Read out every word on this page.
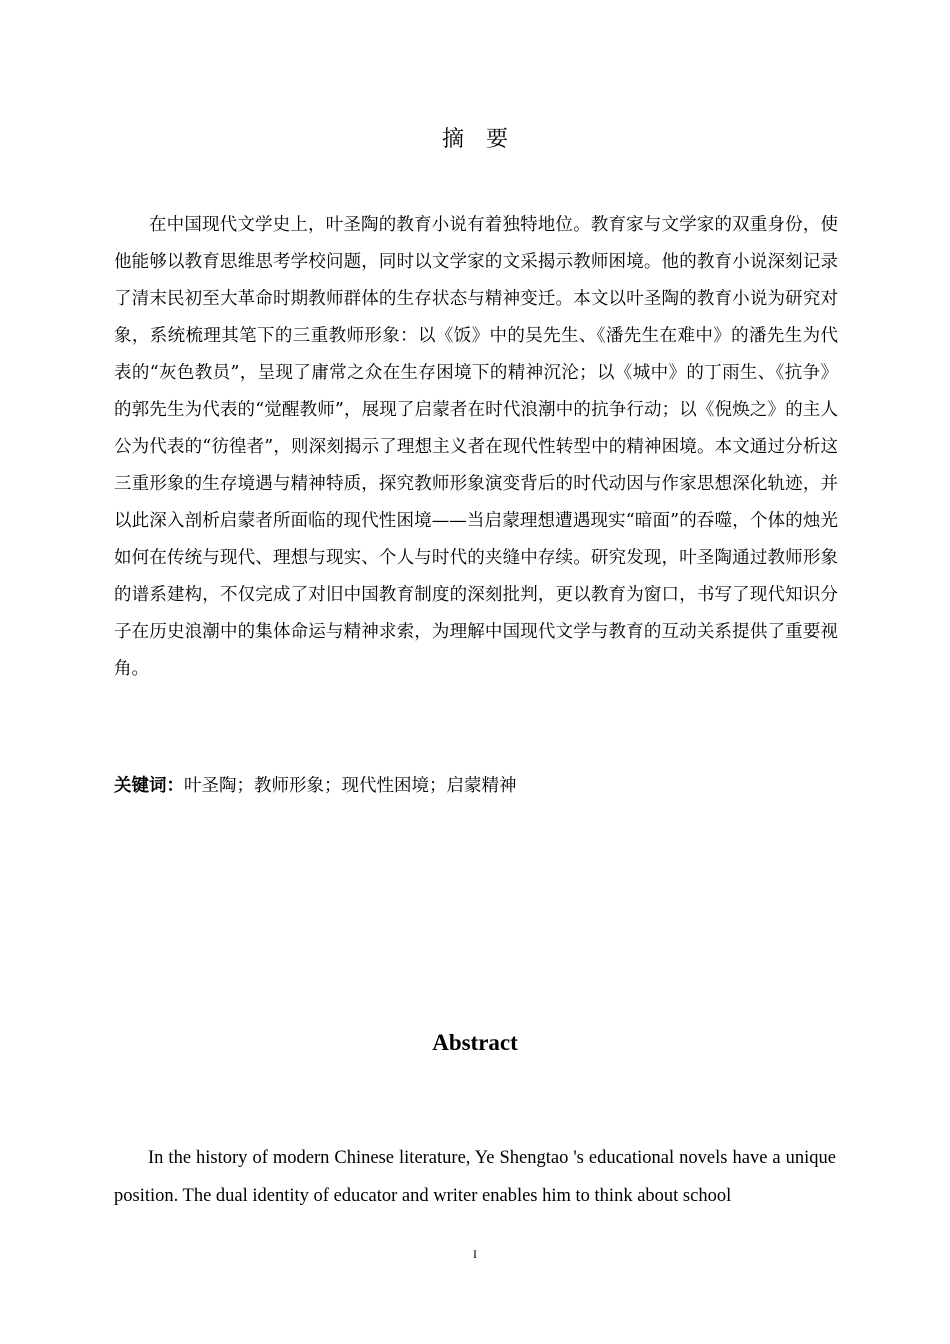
摘　要

在中国现代文学史上，叶圣陶的教育小说有着独特地位。教育家与文学家的双重身份，使他能够以教育思维思考学校问题，同时以文学家的文采揭示教师困境。他的教育小说深刻记录了清末民初至大革命时期教师群体的生存状态与精神变迁。本文以叶圣陶的教育小说为研究对象，系统梳理其笔下的三重教师形象：以《饭》中的吴先生、《潘先生在难中》的潘先生为代表的“灰色教员”，呈现了庸常之众在生存困境下的精神沉沦；以《城中》的丁雨生、《抗争》的郭先生为代表的“觉醒教师”，展现了启蒙者在时代浪潮中的抗争行动；以《倪焕之》的主人公为代表的“彷徨者”，则深刻揭示了理想主义者在现代性转型中的精神困境。本文通过分析这三重形象的生存境遇与精神特质，探究教师形象演变背后的时代动因与作家思想深化轨迹，并以此深入剖析启蒙者所面临的现代性困境——当启蒙理想遭遇现实“暗面”的吞噬，个体的烛光如何在传统与现代、理想与现实、个人与时代的夹缝中存续。研究发现，叶圣陶通过教师形象的谱系建构，不仅完成了对旧中国教育制度的深刻批判，更以教育为窗口，书写了现代知识分子在历史浪潮中的集体命运与精神求索，为理解中国现代文学与教育的互动关系提供了重要视角。

关键词：叶圣陶；教师形象；现代性困境；启蒙精神

Abstract

In the history of modern Chinese literature, Ye Shengtao 's educational novels have a unique position. The dual identity of educator and writer enables him to think about school

I
